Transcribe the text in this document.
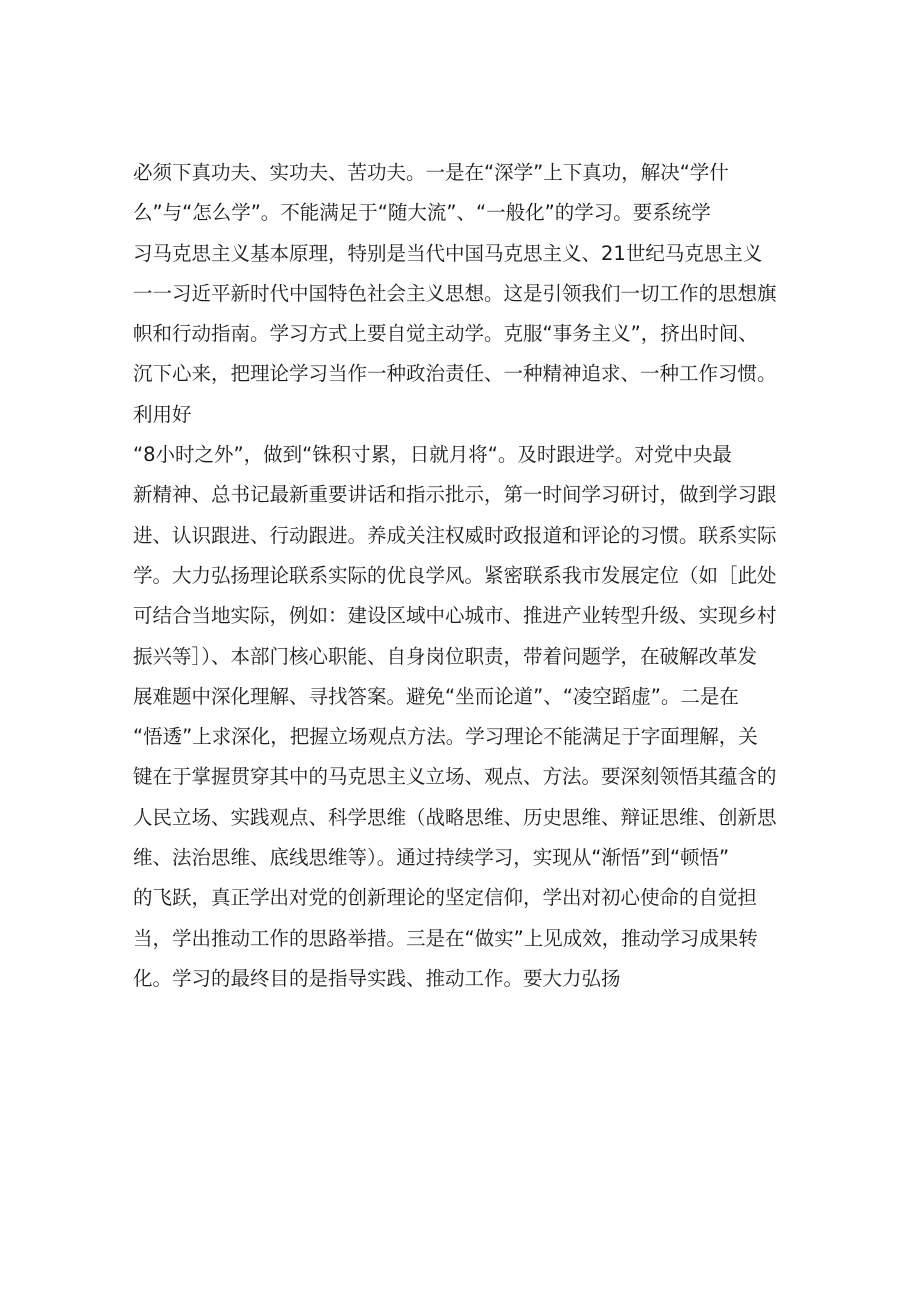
必须下真功夫、实功夫、苦功夫。一是在“深学”上下真功，解决“学什
么”与“怎么学”。不能满足于“随大流”、“一般化”的学习。要系统学
习马克思主义基本原理，特别是当代中国马克思主义、21世纪马克思主义
一一习近平新时代中国特色社会主义思想。这是引领我们一切工作的思想旗
帜和行动指南。学习方式上要自觉主动学。克服“事务主义”，挤出时间、
沉下心来，把理论学习当作一种政治责任、一种精神追求、一种工作习惯。
利用好
“8小时之外”，做到“铢积寸累，日就月将“。及时跟进学。对党中央最
新精神、总书记最新重要讲话和指示批示，第一时间学习研讨，做到学习跟
进、认识跟进、行动跟进。养成关注权威时政报道和评论的习惯。联系实际
学。大力弘扬理论联系实际的优良学风。紧密联系我市发展定位（如［此处
可结合当地实际，例如：建设区域中心城市、推进产业转型升级、实现乡村
振兴等］）、本部门核心职能、自身岗位职责，带着问题学，在破解改革发
展难题中深化理解、寻找答案。避免“坐而论道”、“凌空蹈虚”。二是在
“悟透”上求深化，把握立场观点方法。学习理论不能满足于字面理解，关
键在于掌握贯穿其中的马克思主义立场、观点、方法。要深刻领悟其蕴含的
人民立场、实践观点、科学思维（战略思维、历史思维、辩证思维、创新思
维、法治思维、底线思维等）。通过持续学习，实现从“渐悟”到“顿悟”
的飞跃，真正学出对党的创新理论的坚定信仰，学出对初心使命的自觉担
当，学出推动工作的思路举措。三是在“做实”上见成效，推动学习成果转
化。学习的最终目的是指导实践、推动工作。要大力弘扬
